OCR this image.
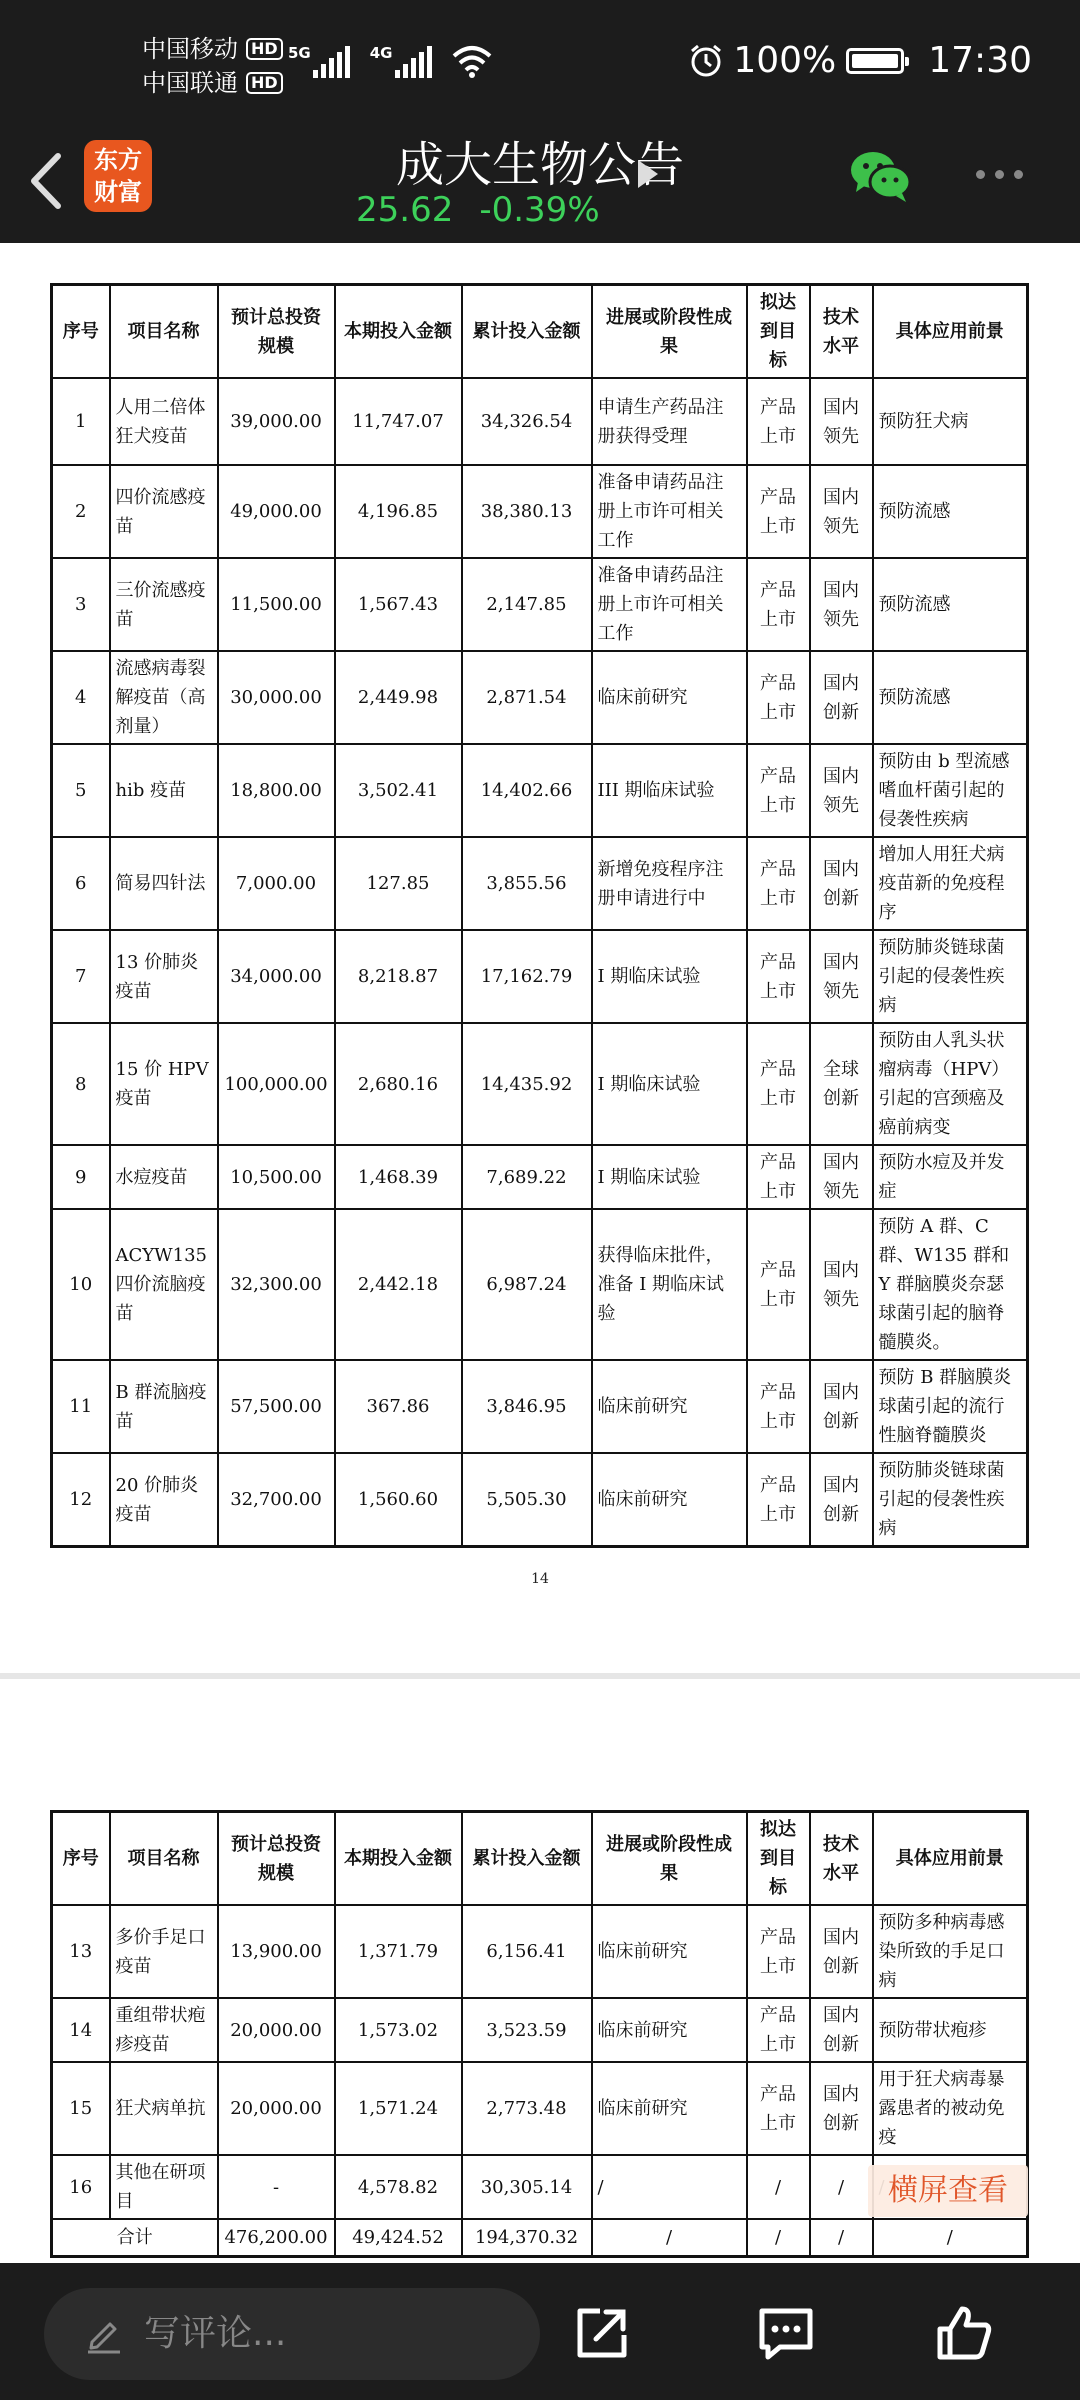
中国移动 HD
中国联通 HD
5G	4G	100%	17:30
东方
财富	成大生物公告
25.62 -0.39%
序号	项目名称	预计总投资规模	本期投入金额	累计投入金额	进展或阶段性成果	拟达到目标	技术水平	具体应用前景
1	人用二倍体狂犬疫苗	39,000.00	11,747.07	34,326.54	申请生产药品注册获得受理	产品上市	国内领先	预防狂犬病
2	四价流感疫苗	49,000.00	4,196.85	38,380.13	准备申请药品注册上市许可相关工作	产品上市	国内领先	预防流感
3	三价流感疫苗	11,500.00	1,567.43	2,147.85	准备申请药品注册上市许可相关工作	产品上市	国内领先	预防流感
4	流感病毒裂解疫苗（高剂量）	30,000.00	2,449.98	2,871.54	临床前研究	产品上市	国内创新	预防流感
5	hib 疫苗	18,800.00	3,502.41	14,402.66	III 期临床试验	产品上市	国内领先	预防由 b 型流感嗜血杆菌引起的侵袭性疾病
6	简易四针法	7,000.00	127.85	3,855.56	新增免疫程序注册申请进行中	产品上市	国内创新	增加人用狂犬病疫苗新的免疫程序
7	13 价肺炎疫苗	34,000.00	8,218.87	17,162.79	I 期临床试验	产品上市	国内领先	预防肺炎链球菌引起的侵袭性疾病
8	15 价 HPV 疫苗	100,000.00	2,680.16	14,435.92	I 期临床试验	产品上市	全球创新	预防由人乳头状瘤病毒（HPV）引起的宫颈癌及癌前病变
9	水痘疫苗	10,500.00	1,468.39	7,689.22	I 期临床试验	产品上市	国内领先	预防水痘及并发症
10	ACYW135 四价流脑疫苗	32,300.00	2,442.18	6,987.24	获得临床批件，准备 I 期临床试验	产品上市	国内领先	预防 A 群、C 群、W135 群和 Y 群脑膜炎奈瑟球菌引起的脑脊髓膜炎。
11	B 群流脑疫苗	57,500.00	367.86	3,846.95	临床前研究	产品上市	国内创新	预防 B 群脑膜炎球菌引起的流行性脑脊髓膜炎
12	20 价肺炎疫苗	32,700.00	1,560.60	5,505.30	临床前研究	产品上市	国内创新	预防肺炎链球菌引起的侵袭性疾病
14
序号	项目名称	预计总投资规模	本期投入金额	累计投入金额	进展或阶段性成果	拟达到目标	技术水平	具体应用前景
13	多价手足口疫苗	13,900.00	1,371.79	6,156.41	临床前研究	产品上市	国内创新	预防多种病毒感染所致的手足口病
14	重组带状疱疹疫苗	20,000.00	1,573.02	3,523.59	临床前研究	产品上市	国内创新	预防带状疱疹
15	狂犬病单抗	20,000.00	1,571.24	2,773.48	临床前研究	产品上市	国内创新	用于狂犬病毒暴露患者的被动免疫
16	其他在研项目	-	4,578.82	30,305.14	/	/	/	
合计		476,200.00	49,424.52	194,370.32	/	/	/	/
横屏查看
写评论...
